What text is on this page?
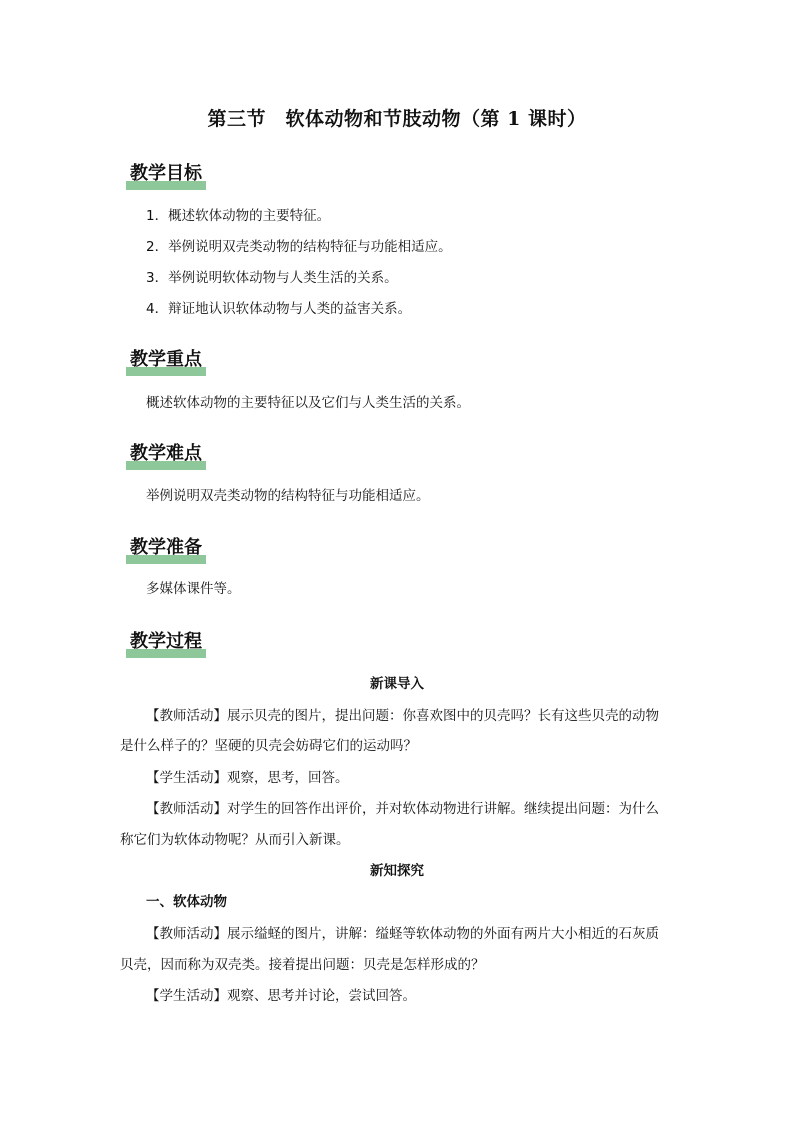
第三节　软体动物和节肢动物（第 1 课时）
教学目标

1．概述软体动物的主要特征。

2．举例说明双壳类动物的结构特征与功能相适应。

3．举例说明软体动物与人类生活的关系。

4．辩证地认识软体动物与人类的益害关系。

教学重点

概述软体动物的主要特征以及它们与人类生活的关系。

教学难点

举例说明双壳类动物的结构特征与功能相适应。

教学准备

多媒体课件等。

教学过程

新课导入

【教师活动】展示贝壳的图片，提出问题：你喜欢图中的贝壳吗？长有这些贝壳的动物

是什么样子的？坚硬的贝壳会妨碍它们的运动吗？

【学生活动】观察，思考，回答。

【教师活动】对学生的回答作出评价，并对软体动物进行讲解。继续提出问题：为什么

称它们为软体动物呢？从而引入新课。

新知探究

一、软体动物

【教师活动】展示缢蛏的图片，讲解：缢蛏等软体动物的外面有两片大小相近的石灰质

贝壳，因而称为双壳类。接着提出问题：贝壳是怎样形成的？

【学生活动】观察、思考并讨论，尝试回答。
